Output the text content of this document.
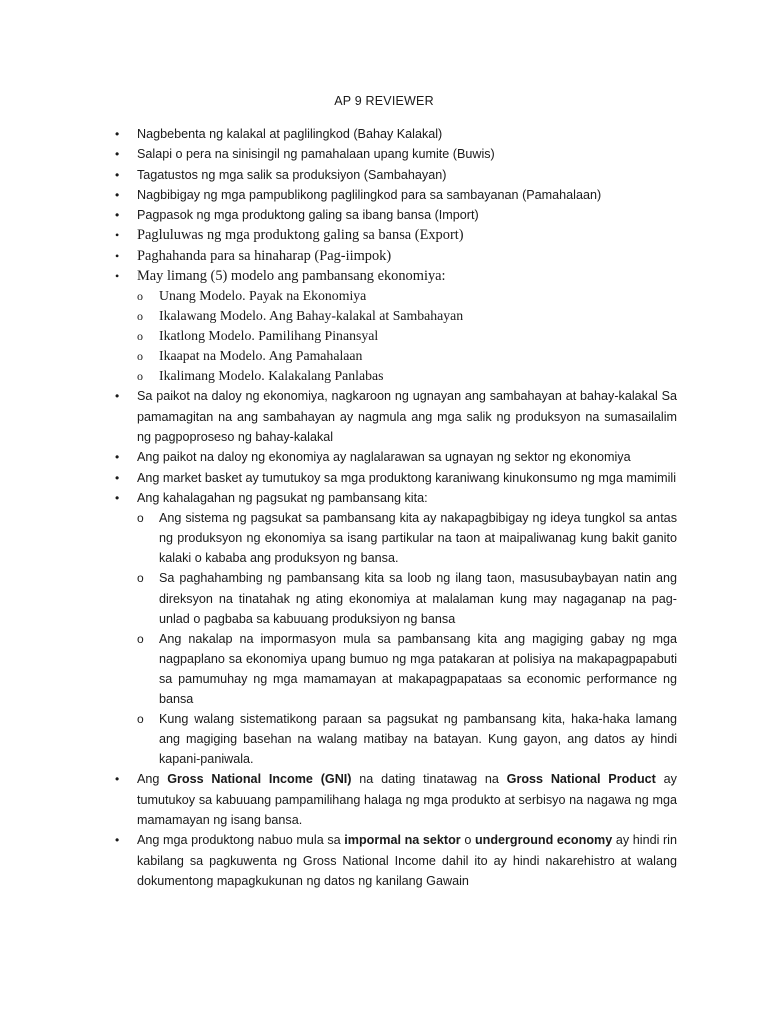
AP 9 REVIEWER
• Nagbebenta ng kalakal at paglilingkod (Bahay Kalakal)
• Salapi o pera na sinisingil ng pamahalaan upang kumite (Buwis)
• Tagatustos ng mga salik sa produksiyon (Sambahayan)
• Nagbibigay ng mga pampublikong paglilingkod para sa sambayanan (Pamahalaan)
• Pagpasok ng mga produktong galing sa ibang bansa (Import)
• Pagluluwas ng mga produktong galing sa bansa (Export)
• Paghahanda para sa hinaharap (Pag-iimpok)
• May limang (5) modelo ang pambansang ekonomiya:
o Unang Modelo. Payak na Ekonomiya
o Ikalawang Modelo. Ang Bahay-kalakal at Sambahayan
o Ikatlong Modelo. Pamilihang Pinansyal
o Ikaapat na Modelo. Ang Pamahalaan
o Ikalimang Modelo. Kalakalang Panlabas
• Sa paikot na daloy ng ekonomiya, nagkaroon ng ugnayan ang sambahayan at bahay-kalakal Sa pamamagitan na ang sambahayan ay nagmula ang mga salik ng produksyon na sumasailalim ng pagpoproseso ng bahay-kalakal
• Ang paikot na daloy ng ekonomiya ay naglalarawan sa ugnayan ng sektor ng ekonomiya
• Ang market basket ay tumutukoy sa mga produktong karaniwang kinukonsumo ng mga mamimili
• Ang kahalagahan ng pagsukat ng pambansang kita:
o Ang sistema ng pagsukat sa pambansang kita ay nakapagbibigay ng ideya tungkol sa antas ng produksyon ng ekonomiya sa isang partikular na taon at maipaliwanag kung bakit ganito kalaki o kababa ang produksyon ng bansa.
o Sa paghahambing ng pambansang kita sa loob ng ilang taon, masusubaybayan natin ang direksyon na tinatahak ng ating ekonomiya at malalaman kung may nagaganap na pag-unlad o pagbaba sa kabuuang produksiyon ng bansa
o Ang nakalap na impormasyon mula sa pambansang kita ang magiging gabay ng mga nagpaplano sa ekonomiya upang bumuo ng mga patakaran at polisiya na makapagpapabuti sa pamumuhay ng mga mamamayan at makapagpapataas sa economic performance ng bansa
o Kung walang sistematikong paraan sa pagsukat ng pambansang kita, haka-haka lamang ang magiging basehan na walang matibay na batayan. Kung gayon, ang datos ay hindi kapani-paniwala.
• Ang Gross National Income (GNI) na dating tinatawag na Gross National Product ay tumutukoy sa kabuuang pampamilihang halaga ng mga produkto at serbisyo na nagawa ng mga mamamayan ng isang bansa.
• Ang mga produktong nabuo mula sa impormal na sektor o underground economy ay hindi rin kabilang sa pagkuwenta ng Gross National Income dahil ito ay hindi nakarehistro at walang dokumentong mapagkukunan ng datos ng kanilang Gawain
